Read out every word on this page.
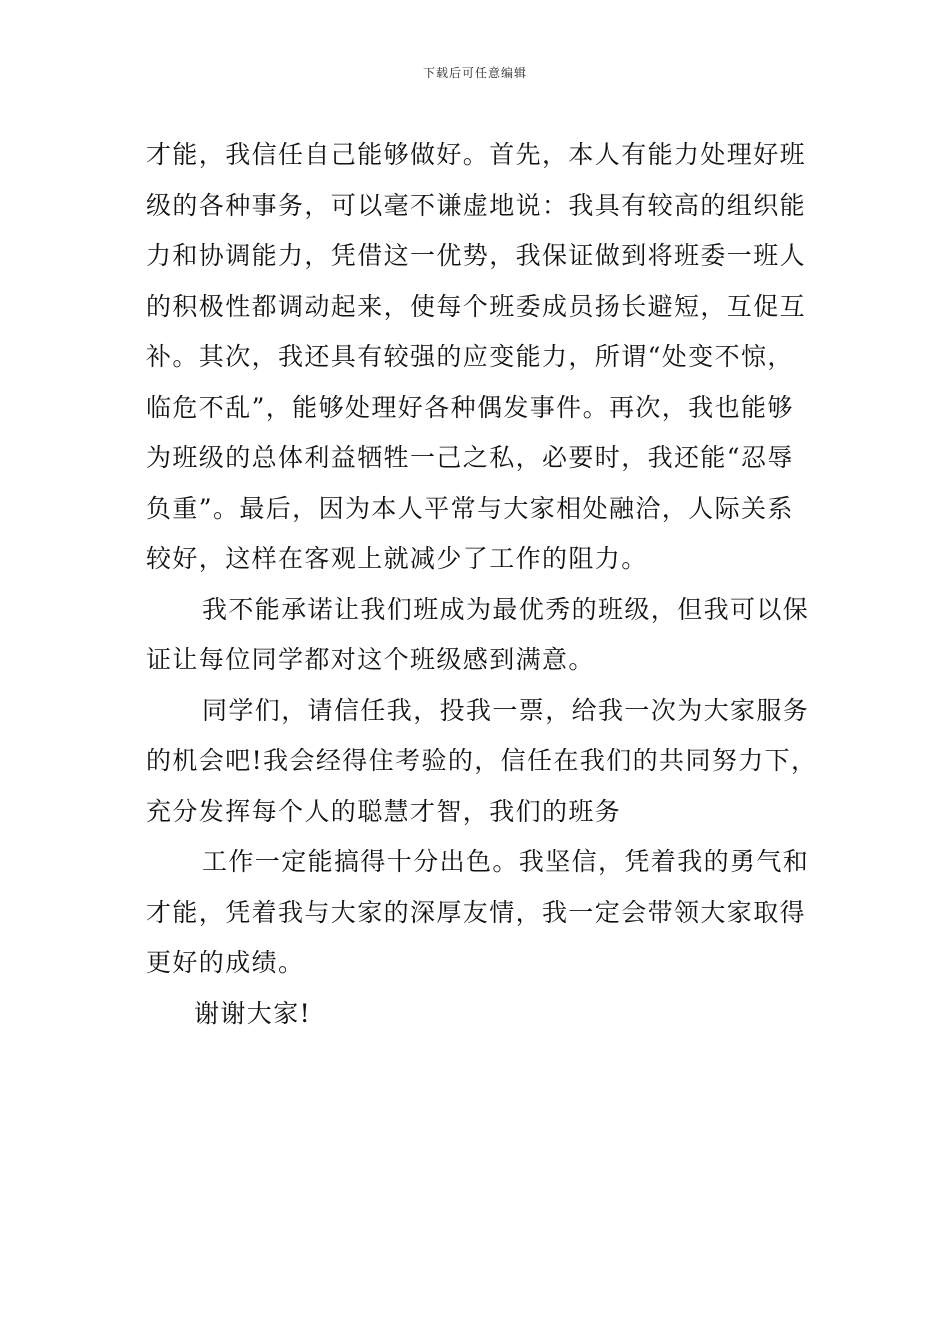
下载后可任意编辑

才能，我信任自己能够做好。首先，本人有能力处理好班
级的各种事务，可以毫不谦虚地说：我具有较高的组织能
力和协调能力，凭借这一优势，我保证做到将班委一班人
的积极性都调动起来，使每个班委成员扬长避短，互促互
补。其次，我还具有较强的应变能力，所谓“处变不惊，
临危不乱”，能够处理好各种偶发事件。再次，我也能够
为班级的总体利益牺牲一己之私，必要时，我还能“忍辱
负重”。最后，因为本人平常与大家相处融洽，人际关系
较好，这样在客观上就减少了工作的阻力。

我不能承诺让我们班成为最优秀的班级，但我可以保
证让每位同学都对这个班级感到满意。

同学们，请信任我，投我一票，给我一次为大家服务
的机会吧!我会经得住考验的，信任在我们的共同努力下，
充分发挥每个人的聪慧才智，我们的班务

工作一定能搞得十分出色。我坚信，凭着我的勇气和
才能，凭着我与大家的深厚友情，我一定会带领大家取得
更好的成绩。

谢谢大家!
